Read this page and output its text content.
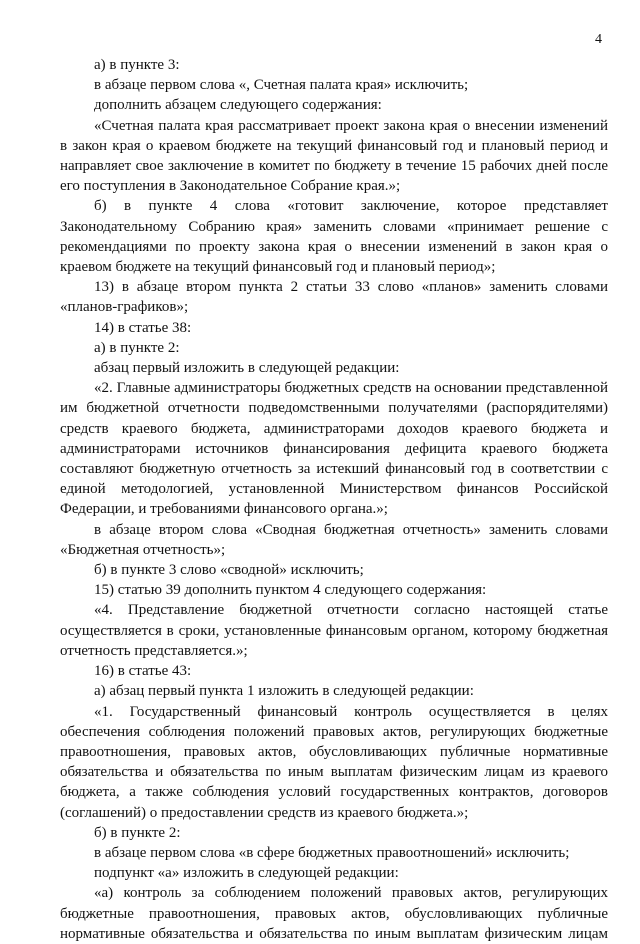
4

а) в пункте 3:

в абзаце первом слова «, Счетная палата края» исключить;

дополнить абзацем следующего содержания:

«Счетная палата края рассматривает проект закона края о внесении изменений в закон края о краевом бюджете на текущий финансовый год и плановый период и направляет свое заключение в комитет по бюджету в течение 15 рабочих дней после его поступления в Законодательное Собрание края.»;

б) в пункте 4 слова «готовит заключение, которое представляет Законодательному Собранию края» заменить словами «принимает решение с рекомендациями по проекту закона края о внесении изменений в закон края о краевом бюджете на текущий финансовый год и плановый период»;

13) в абзаце втором пункта 2 статьи 33 слово «планов» заменить словами «планов-графиков»;

14) в статье 38:

а) в пункте 2:

абзац первый изложить в следующей редакции:

«2. Главные администраторы бюджетных средств на основании представленной им бюджетной отчетности подведомственными получателями (распорядителями) средств краевого бюджета, администраторами доходов краевого бюджета и администраторами источников финансирования дефицита краевого бюджета составляют бюджетную отчетность за истекший финансовый год в соответствии с единой методологией, установленной Министерством финансов Российской Федерации, и требованиями финансового органа.»;

в абзаце втором слова «Сводная бюджетная отчетность» заменить словами «Бюджетная отчетность»;

б) в пункте 3 слово «сводной» исключить;

15) статью 39 дополнить пунктом 4 следующего содержания:

«4. Представление бюджетной отчетности согласно настоящей статье осуществляется в сроки, установленные финансовым органом, которому бюджетная отчетность представляется.»;

16) в статье 43:

а) абзац первый пункта 1 изложить в следующей редакции:

«1. Государственный финансовый контроль осуществляется в целях обеспечения соблюдения положений правовых актов, регулирующих бюджетные правоотношения, правовых актов, обусловливающих публичные нормативные обязательства и обязательства по иным выплатам физическим лицам из краевого бюджета, а также соблюдения условий государственных контрактов, договоров (соглашений) о предоставлении средств из краевого бюджета.»;

б) в пункте 2:

в абзаце первом слова «в сфере бюджетных правоотношений» исключить;

подпункт «а» изложить в следующей редакции:

«а) контроль за соблюдением положений правовых актов, регулирующих бюджетные правоотношения, правовых актов, обусловливающих публичные нормативные обязательства и обязательства по иным выплатам физическим лицам
